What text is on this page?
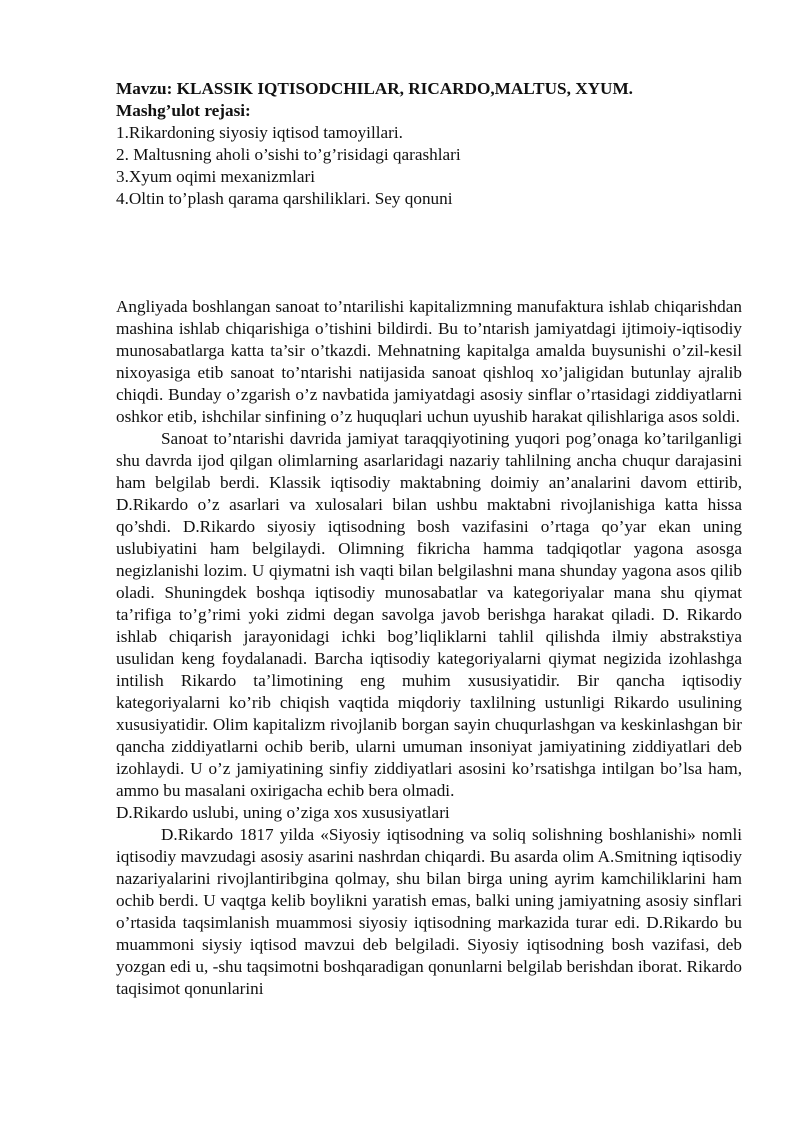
Mavzu: KLASSIK IQTISODCHILAR, RICARDO,MALTUS, XYUM.
Mashg’ulot rejasi:
1.Rikardoning siyosiy iqtisod tamoyillari.
2. Maltusning aholi o’sishi to’g’risidagi qarashlari
3.Xyum oqimi mexanizmlari
4.Oltin to’plash qarama qarshiliklari. Sey qonuni

Angliyada boshlangan sanoat to’ntarilishi kapitalizmning manufaktura ishlab chiqarishdan mashina ishlab chiqarishiga o’tishini bildirdi. Bu to’ntarish jamiyatdagi ijtimoiy-iqtisodiy munosabatlarga katta ta’sir o’tkazdi. Mehnatning kapitalga amalda buysunishi o’zil-kesil nixoyasiga etib sanoat to’ntarishi natijasida sanoat qishloq xo’jaligidan butunlay ajralib chiqdi. Bunday o’zgarish o’z navbatida jamiyatdagi asosiy sinflar o’rtasidagi ziddiyatlarni oshkor etib, ishchilar sinfining o’z huquqlari uchun uyushib harakat qilishlariga asos soldi.

Sanoat to’ntarishi davrida jamiyat taraqqiyotining yuqori pog’onaga ko’tarilganligi shu davrda ijod qilgan olimlarning asarlaridagi nazariy tahlilning ancha chuqur darajasini ham belgilab berdi. Klassik iqtisodiy maktabning doimiy an’analarini davom ettirib, D.Rikardo o’z asarlari va xulosalari bilan ushbu maktabni rivojlanishiga katta hissa qo’shdi. D.Rikardo siyosiy iqtisodning bosh vazifasini o’rtaga qo’yar ekan uning uslubiyatini ham belgilaydi. Olimning fikricha hamma tadqiqotlar yagona asosga negizlanishi lozim. U qiymatni ish vaqti bilan belgilashni mana shunday yagona asos qilib oladi. Shuningdek boshqa iqtisodiy munosabatlar va kategoriyalar mana shu qiymat ta’rifiga to’g’rimi yoki zidmi degan savolga javob berishga harakat qiladi. D. Rikardo ishlab chiqarish jarayonidagi ichki bog’liqliklarni tahlil qilishda ilmiy abstrakstiya usulidan keng foydalanadi. Barcha iqtisodiy kategoriyalarni qiymat negizida izohlashga intilish Rikardo ta’limotining eng muhim xususiyatidir. Bir qancha iqtisodiy kategoriyalarni ko’rib chiqish vaqtida miqdoriy taxlilning ustunligi Rikardo usulining xususiyatidir. Olim kapitalizm rivojlanib borgan sayin chuqurlashgan va keskinlashgan bir qancha ziddiyatlarni ochib berib, ularni umuman insoniyat jamiyatining ziddiyatlari deb izohlaydi. U o’z jamiyatining sinfiy ziddiyatlari asosini ko’rsatishga intilgan bo’lsa ham, ammo bu masalani oxirigacha echib bera olmadi.

D.Rikardo uslubi, uning o’ziga xos xususiyatlari

D.Rikardo 1817 yilda «Siyosiy iqtisodning va soliq solishning boshlanishi» nomli iqtisodiy mavzudagi asosiy asarini nashrdan chiqardi. Bu asarda olim A.Smitning iqtisodiy nazariyalarini rivojlantiribgina qolmay, shu bilan birga uning ayrim kamchiliklarini ham ochib berdi. U vaqtga kelib boylikni yaratish emas, balki uning jamiyatning asosiy sinflari o’rtasida taqsimlanish muammosi siyosiy iqtisodning markazida turar edi. D.Rikardo bu muammoni siysiy iqtisod mavzui deb belgiladi. Siyosiy iqtisodning bosh vazifasi, deb yozgan edi u, -shu taqsimotni boshqaradigan qonunlarni belgilab berishdan iborat. Rikardo taqisimot qonunlarini
